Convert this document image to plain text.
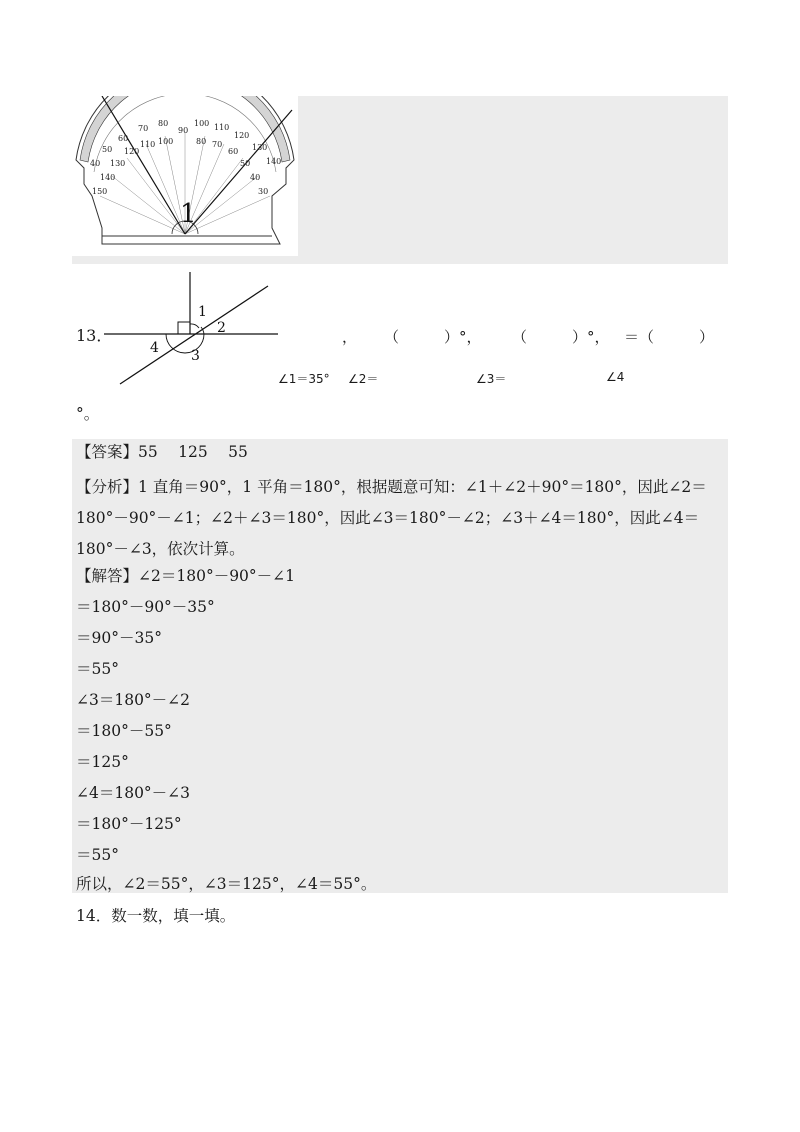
40
50
60
70
80
90
100 110
120
130
140
150
140
130
120
110 100	80 70
60
50
40
30
1
13．
1
2
3
4
， （　　　）°， （　　　）°， ＝（　　　）
∠1＝35° ∠2＝	∠3＝	∠4
°。
【答案】55　 125　 55
【分析】1 直角＝90°，1 平角＝180°，根据题意可知：∠1＋∠2＋90°＝180°，因此∠2＝180°－90°－∠1；∠2＋∠3＝180°，因此∠3＝180°－∠2；∠3＋∠4＝180°，因此∠4＝180°－∠3，依次计算。
【解答】∠2＝180°－90°－∠1
＝180°－90°－35°
＝90°－35°
＝55°
∠3＝180°－∠2
＝180°－55°
＝125°
∠4＝180°－∠3
＝180°－125°
＝55°
所以，∠2＝55°，∠3＝125°，∠4＝55°。
14．数一数，填一填。
